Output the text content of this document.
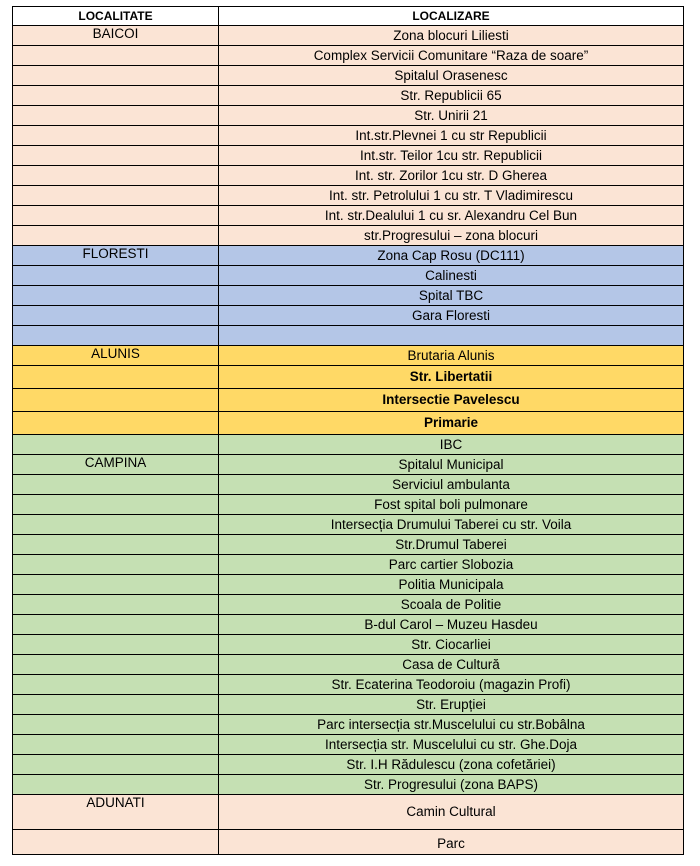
LOCALITATE	LOCALIZARE
BAICOI	Zona blocuri Liliesti
	Complex Servicii Comunitare “Raza de soare”
	Spitalul Orasenesc
	Str. Republicii 65
	Str. Unirii 21
	Int.str.Plevnei 1 cu str Republicii
	Int.str. Teilor 1cu str. Republicii
	Int. str. Zorilor 1cu str. D Gherea
	Int. str. Petrolului 1 cu str. T Vladimirescu
	Int. str.Dealului 1 cu sr. Alexandru Cel Bun
	str.Progresului – zona blocuri
FLORESTI	Zona Cap Rosu (DC111)
	Calinesti
	Spital TBC
	Gara Floresti

ALUNIS	Brutaria Alunis
	Str. Libertatii
	Intersectie Pavelescu
	Primarie
	IBC
CAMPINA	Spitalul Municipal
	Serviciul ambulanta
	Fost spital boli pulmonare
	Intersecția Drumului Taberei cu str. Voila
	Str.Drumul Taberei
	Parc cartier Slobozia
	Politia Municipala
	Scoala de Politie
	B-dul Carol – Muzeu Hasdeu
	Str. Ciocarliei
	Casa de Cultură
	Str. Ecaterina Teodoroiu (magazin Profi)
	Str. Erupției
	Parc intersecția str.Muscelului cu str.Bobâlna
	Intersecția str. Muscelului cu str. Ghe.Doja
	Str. I.H Rădulescu (zona cofetăriei)
	Str. Progresului (zona BAPS)
ADUNATI	Camin Cultural
	Parc
